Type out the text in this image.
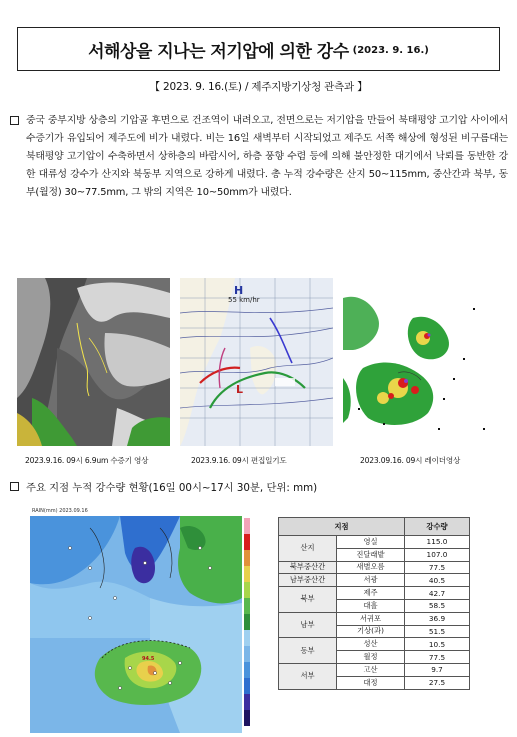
서해상을 지나는 저기압에 의한 강수 (2023. 9. 16.)
【 2023. 9. 16.(토) / 제주지방기상청 관측과 】
중국 중부지방 상층의 기압골 후면으로 건조역이 내려오고, 전면으로는 저기압을 만들어 북태평양 고기압 사이에서 수증기가 유입되어 제주도에 비가 내렸다. 비는 16일 새벽부터 시작되었고 제주도 서쪽 해상에 형성된 비구름대는 북태평양 고기압이 수축하면서 상하층의 바람시어, 하층 풍향 수렴 등에 의해 불안정한 대기에서 낙뢰를 동반한 강한 대류성 강수가 산지와 북동부 지역으로 강하게 내렸다. 총 누적 강수량은 산지 50~115mm, 중산간과 북부, 동부(월정) 30~77.5mm, 그 밖의 지역은 10~50mm가 내렸다.
H
55 km/hr
L
2023.9.16. 09시 6.9um 수증기 영상	2023.9.16. 09시 편집일기도	2023.09.16. 09시 레이더영상
주요 지점 누적 강수량 현황(16일 00시~17시 30분, 단위: mm)
RAIN(mm) 2023.09.16
94.5
지점		강수량
산지	영실	115.0
	진달래밭	107.0
북부중산간	새별오름	77.5
남부중산간	서광	40.5
북부	제주	42.7
	대흘	58.5
남부	서귀포	36.9
	기상(과)	51.5
동부	성산	10.5
	월정	77.5
서부	고산	9.7
	대정	27.5
